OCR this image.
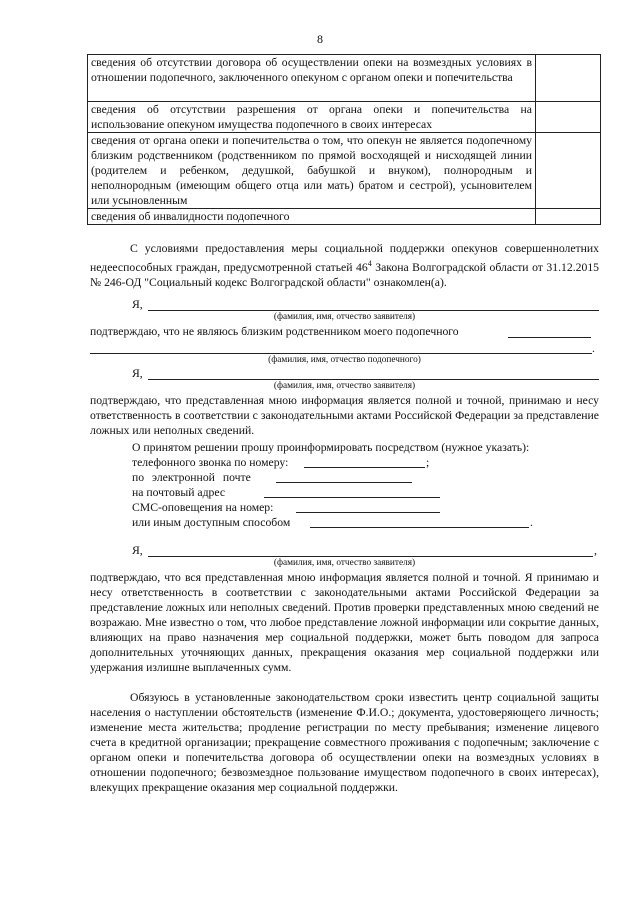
8
сведения об отсутствии договора об осуществлении опеки на возмездных условиях в отношении подопечного, заключенного опекуном с органом опеки и попечительства	
сведения об отсутствии разрешения от органа опеки и попечительства на использование опекуном имущества подопечного в своих интересах	
сведения от органа опеки и попечительства о том, что опекун не является подопечному близким родственником (родственником по прямой восходящей и нисходящей линии (родителем и ребенком, дедушкой, бабушкой и внуком), полнородным и неполнородным (имеющим общего отца или мать) братом и сестрой), усыновителем или усыновленным	
сведения об инвалидности подопечного	
С условиями предоставления меры социальной поддержки опекунов совершеннолетних недееспособных граждан, предусмотренной статьей $46^4$ Закона Волгоградской области от 31.12.2015 № 246-ОД "Социальный кодекс Волгоградской области" ознакомлен(а).
Я,
(фамилия, имя, отчество заявителя)
подтверждаю, что не являюсь близким родственником моего подопечного
.
(фамилия, имя, отчество подопечного)
Я,
(фамилия, имя, отчество заявителя)
подтверждаю, что представленная мною информация является полной и точной, принимаю и несу ответственность в соответствии с законодательными актами Российской Федерации за представление ложных или неполных сведений.
О принятом решении прошу проинформировать посредством (нужное указать):
телефонного звонка по номеру:	;
по электронной почте
на почтовый адрес
СМС-оповещения на номер:
или иным доступным способом	.
Я,	,
(фамилия, имя, отчество заявителя)
подтверждаю, что вся представленная мною информация является полной и точной. Я принимаю и несу ответственность в соответствии с законодательными актами Российской Федерации за представление ложных или неполных сведений. Против проверки представленных мною сведений не возражаю. Мне известно о том, что любое представление ложной информации или сокрытие данных, влияющих на право назначения мер социальной поддержки, может быть поводом для запроса дополнительных уточняющих данных, прекращения оказания мер социальной поддержки или удержания излишне выплаченных сумм.
Обязуюсь в установленные законодательством сроки известить центр социальной защиты населения о наступлении обстоятельств (изменение Ф.И.О.; документа, удостоверяющего личность; изменение места жительства; продление регистрации по месту пребывания; изменение лицевого счета в кредитной организации; прекращение совместного проживания с подопечным; заключение с органом опеки и попечительства договора об осуществлении опеки на возмездных условиях в отношении подопечного; безвозмездное пользование имуществом подопечного в своих интересах), влекущих прекращение оказания мер социальной поддержки.
